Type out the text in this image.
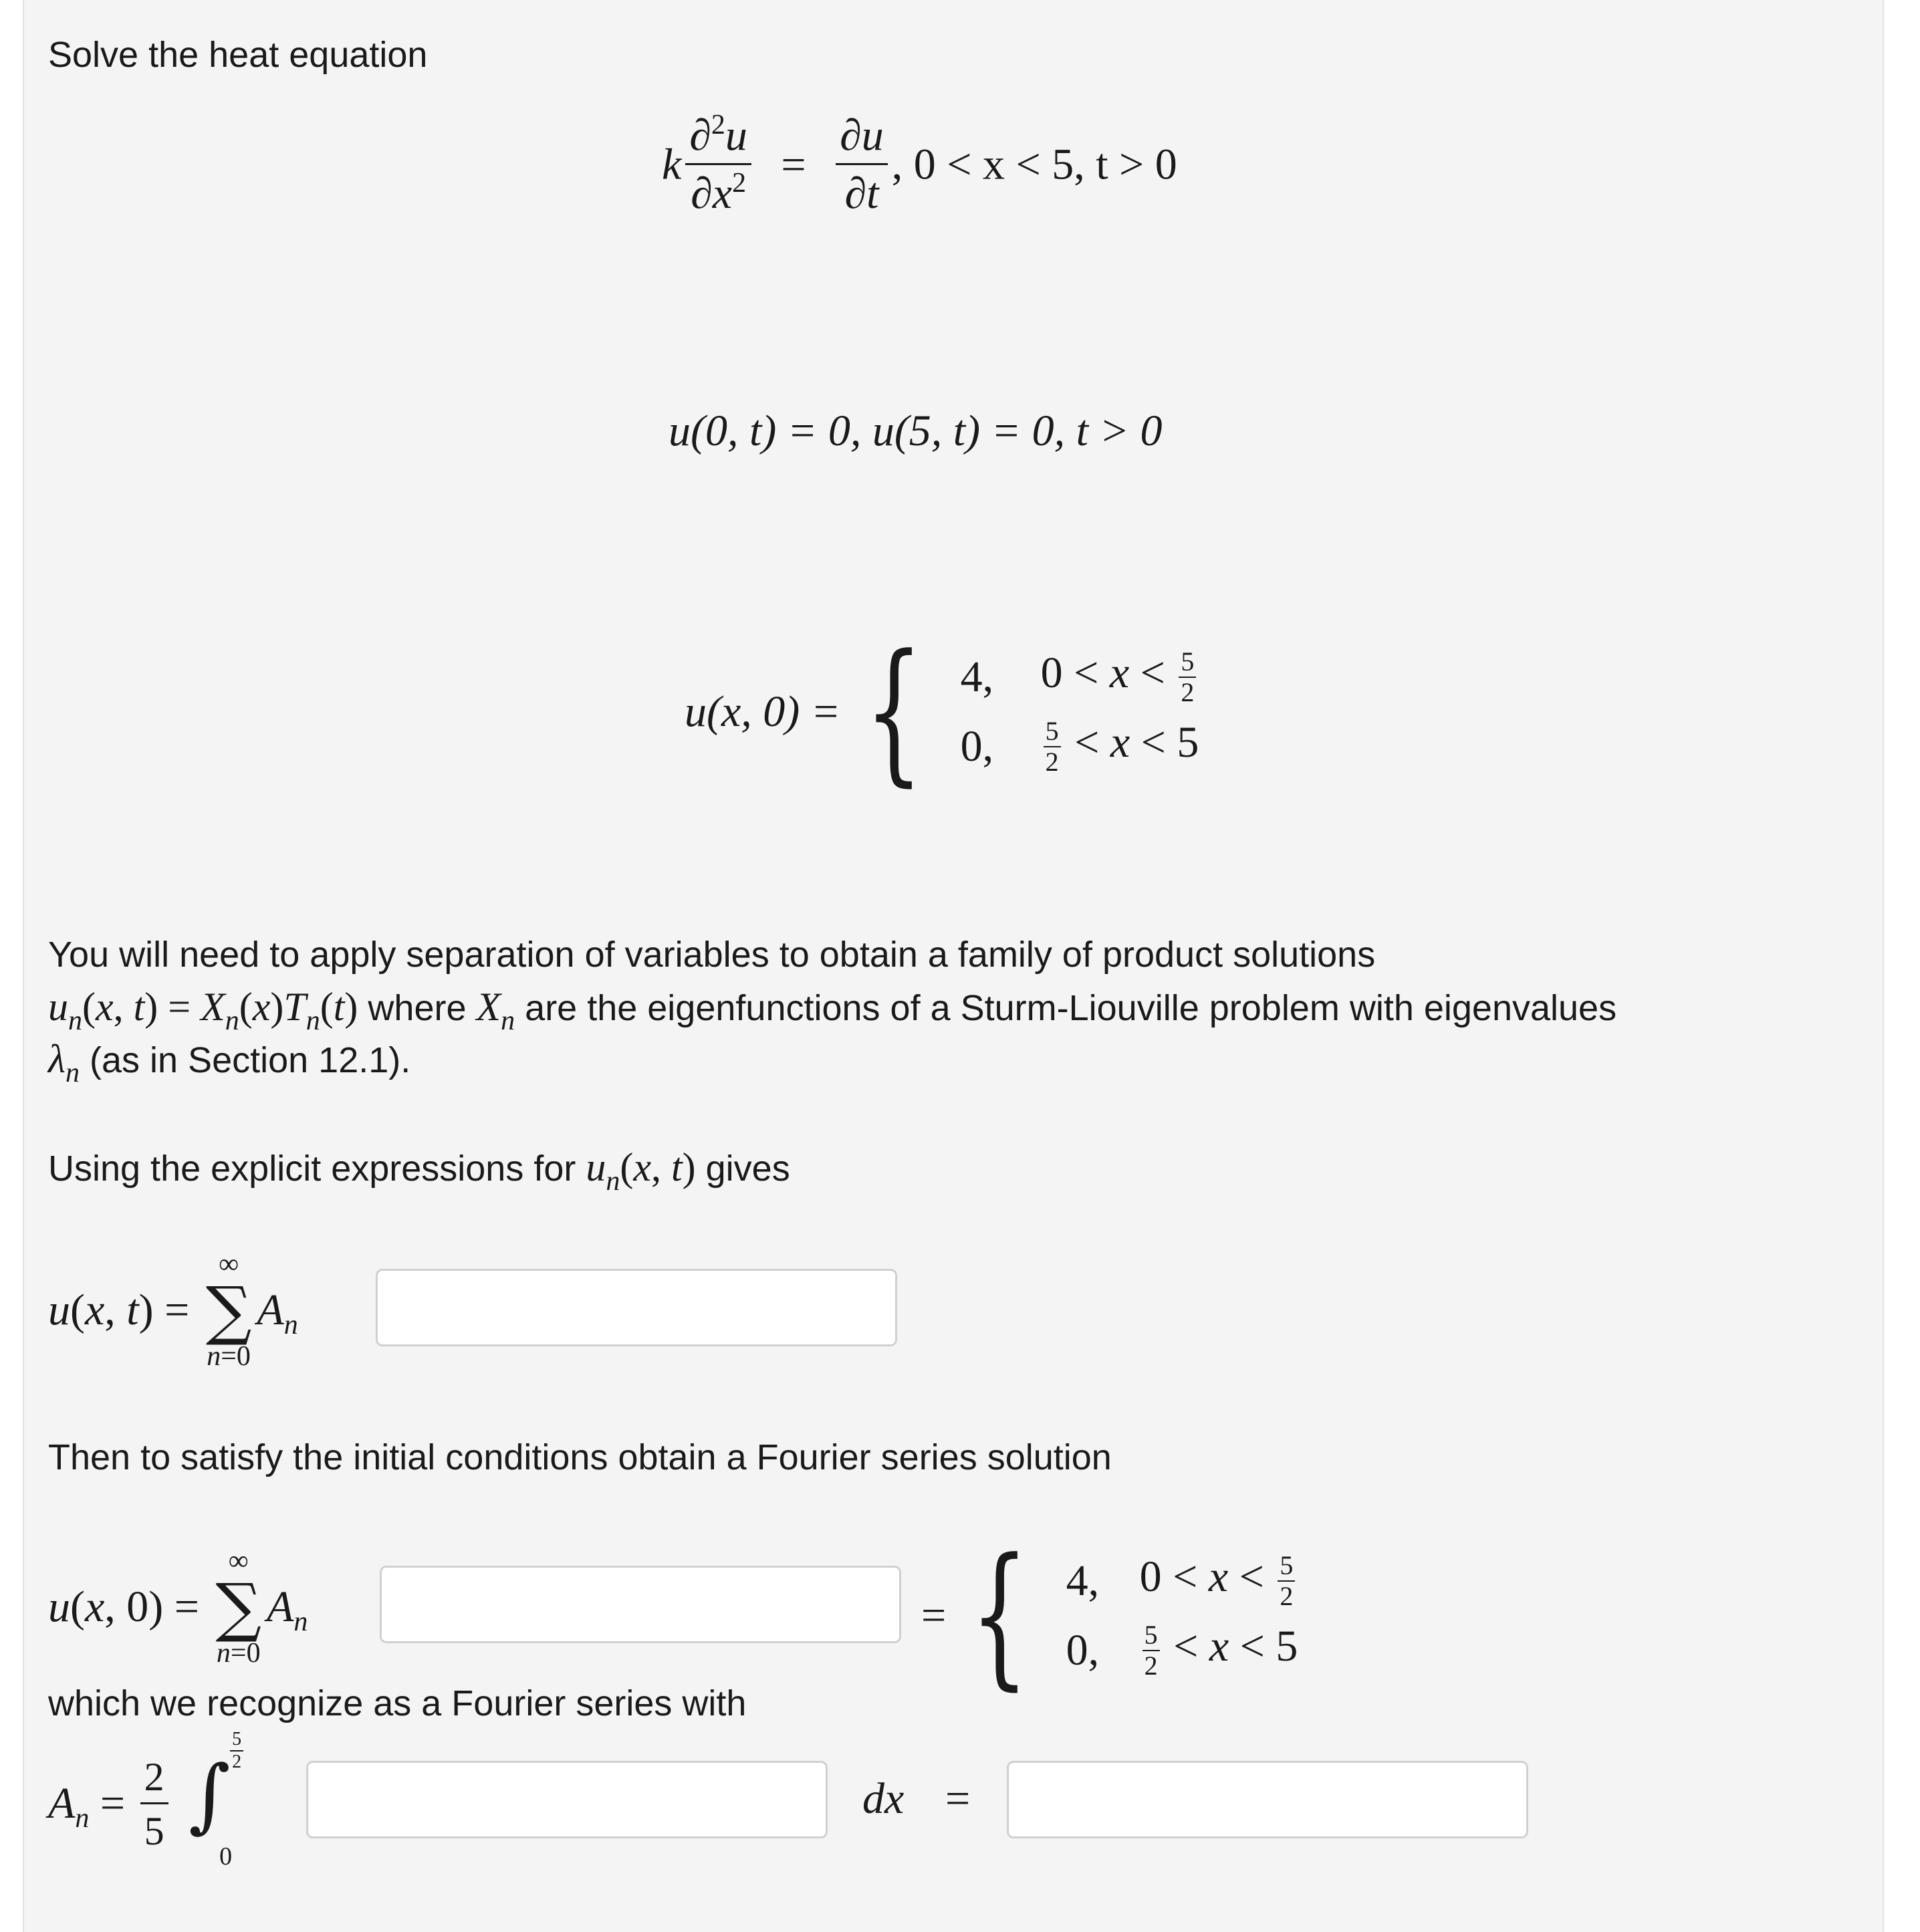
Solve the heat equation
k $\frac{\partial^2u}{\partial x^2} = \frac{\partial u}{\partial t}$ , 0 < x < 5, t > 0
u(0, t) = 0, u(5, t) = 0, t > 0
u(x, 0) = { 4,	$0 < x < \frac{5}{2}$
0,	$\frac{5}{2} < x < 5$
You will need to apply separation of variables to obtain a family of product solutions
$u_n(x$, $t) = X_n(x)T_n(t)$ where $X_n$ are the eigenfunctions of a Sturm-Liouville problem with eigenvalues
$\lambda_n$ (as in Section 12.1).
Using the explicit expressions for $u_n(x$, t) gives
u(x, t) =
∞
∑
n=0
$A_n$
Then to satisfy the initial conditions obtain a Fourier series solution
u(x, 0) =
∞
∑
n=0
$A_n$	= { 4, $0 < x < \frac{5}{2}$
0,	$\frac{5}{2} < x < 5$
which we recognize as a Fourier series with
$A_n = \frac{2}{5}$
∫ $\frac{5}{2}$
0
dx =
